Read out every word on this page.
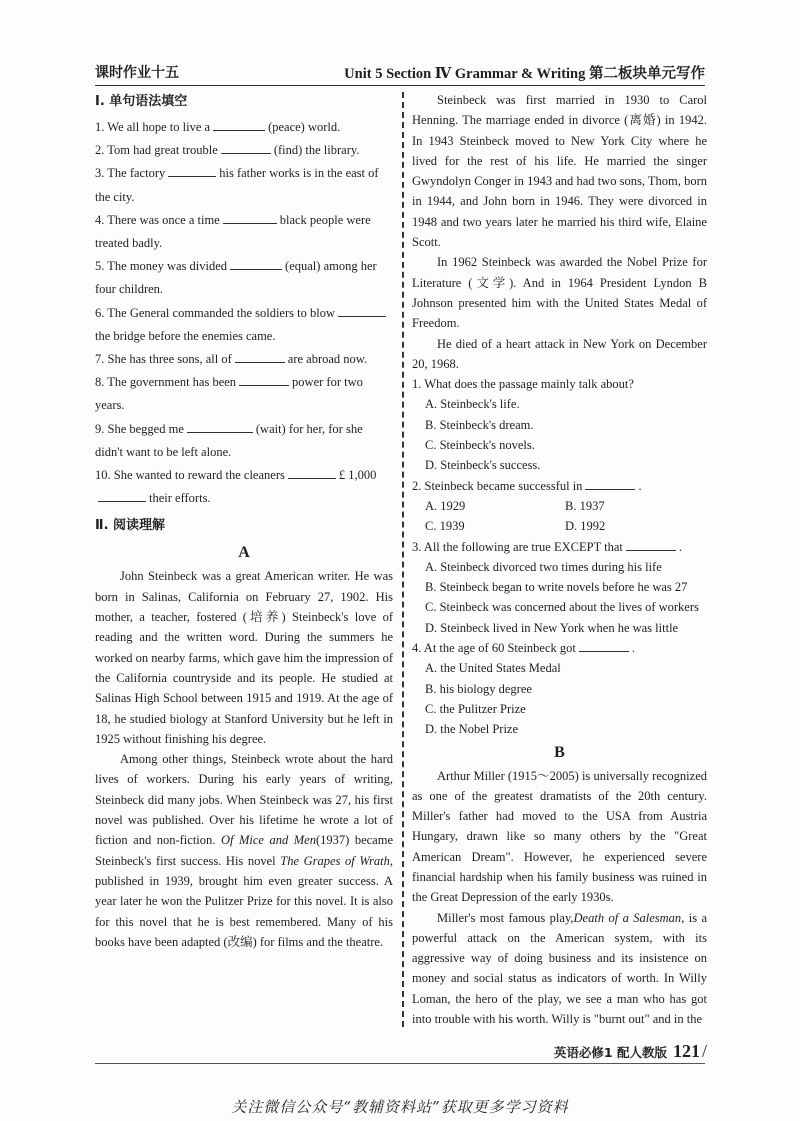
课时作业十五	Unit 5 Section Ⅳ Grammar & Writing 第二板块单元写作
Ⅰ. 单句语法填空
1. We all hope to live a	(peace) world.
2. Tom had great trouble	(find) the library.
3. The factory	his father works is in the east of
the city.
4. There was once a time	black people were
treated badly.
5. The money was divided	(equal) among her
four children.
6. The General commanded the soldiers to blow
the bridge before the enemies came.
7. She has three sons, all of	are abroad now.
8. The government has been	power for two
years.
9. She begged me	(wait) for her, for she
didn't want to be left alone.
10. She wanted to reward the cleaners	£ 1,000
their efforts.
Ⅱ. 阅读理解
A

John Steinbeck was a great American writer. He was born in Salinas, California on February 27, 1902. His mother, a teacher, fostered (培养) Steinbeck's love of reading and the written word. During the summers he worked on nearby farms, which gave him the impression of the California countryside and its people. He studied at Salinas High School between 1915 and 1919. At the age of 18, he studied biology at Stanford University but he left in 1925 without finishing his degree.

Among other things, Steinbeck wrote about the hard lives of workers. During his early years of writing, Steinbeck did many jobs. When Steinbeck was 27, his first novel was published. Over his lifetime he wrote a lot of fiction and non-fiction. Of Mice and Men(1937) became Steinbeck's first success. His novel The Grapes of Wrath, published in 1939, brought him even greater success. A year later he won the Pulitzer Prize for this novel. It is also for this novel that he is best remembered. Many of his books have been adapted (改编) for films and the theatre.

Steinbeck was first married in 1930 to Carol Henning. The marriage ended in divorce (离婚) in 1942. In 1943 Steinbeck moved to New York City where he lived for the rest of his life. He married the singer Gwyndolyn Conger in 1943 and had two sons, Thom, born in 1944, and John born in 1946. They were divorced in 1948 and two years later he married his third wife, Elaine Scott.

In 1962 Steinbeck was awarded the Nobel Prize for Literature (文学). And in 1964 President Lyndon B Johnson presented him with the United States Medal of Freedom.

He died of a heart attack in New York on December 20, 1968.

1. What does the passage mainly talk about?
A. Steinbeck's life.
B. Steinbeck's dream.
C. Steinbeck's novels.
D. Steinbeck's success.
2. Steinbeck became successful in	.
A. 1929	B. 1937
C. 1939	D. 1992
3. All the following are true EXCEPT that	.
A. Steinbeck divorced two times during his life
B. Steinbeck began to write novels before he was 27
C. Steinbeck was concerned about the lives of workers
D. Steinbeck lived in New York when he was little
4. At the age of 60 Steinbeck got	.
A. the United States Medal
B. his biology degree
C. the Pulitzer Prize
D. the Nobel Prize
B

Arthur Miller (1915～2005) is universally recognized as one of the greatest dramatists of the 20th century. Miller's father had moved to the USA from Austria Hungary, drawn like so many others by the "Great American Dream". However, he experienced severe financial hardship when his family business was ruined in the Great Depression of the early 1930s.

Miller's most famous play,Death of a Salesman, is a powerful attack on the American system, with its aggressive way of doing business and its insistence on money and social status as indicators of worth. In Willy Loman, the hero of the play, we see a man who has got into trouble with his worth. Willy is "burnt out" and in the

英语必修1 配人教版 121 /
关注微信公众号“教辅资料站”获取更多学习资料
